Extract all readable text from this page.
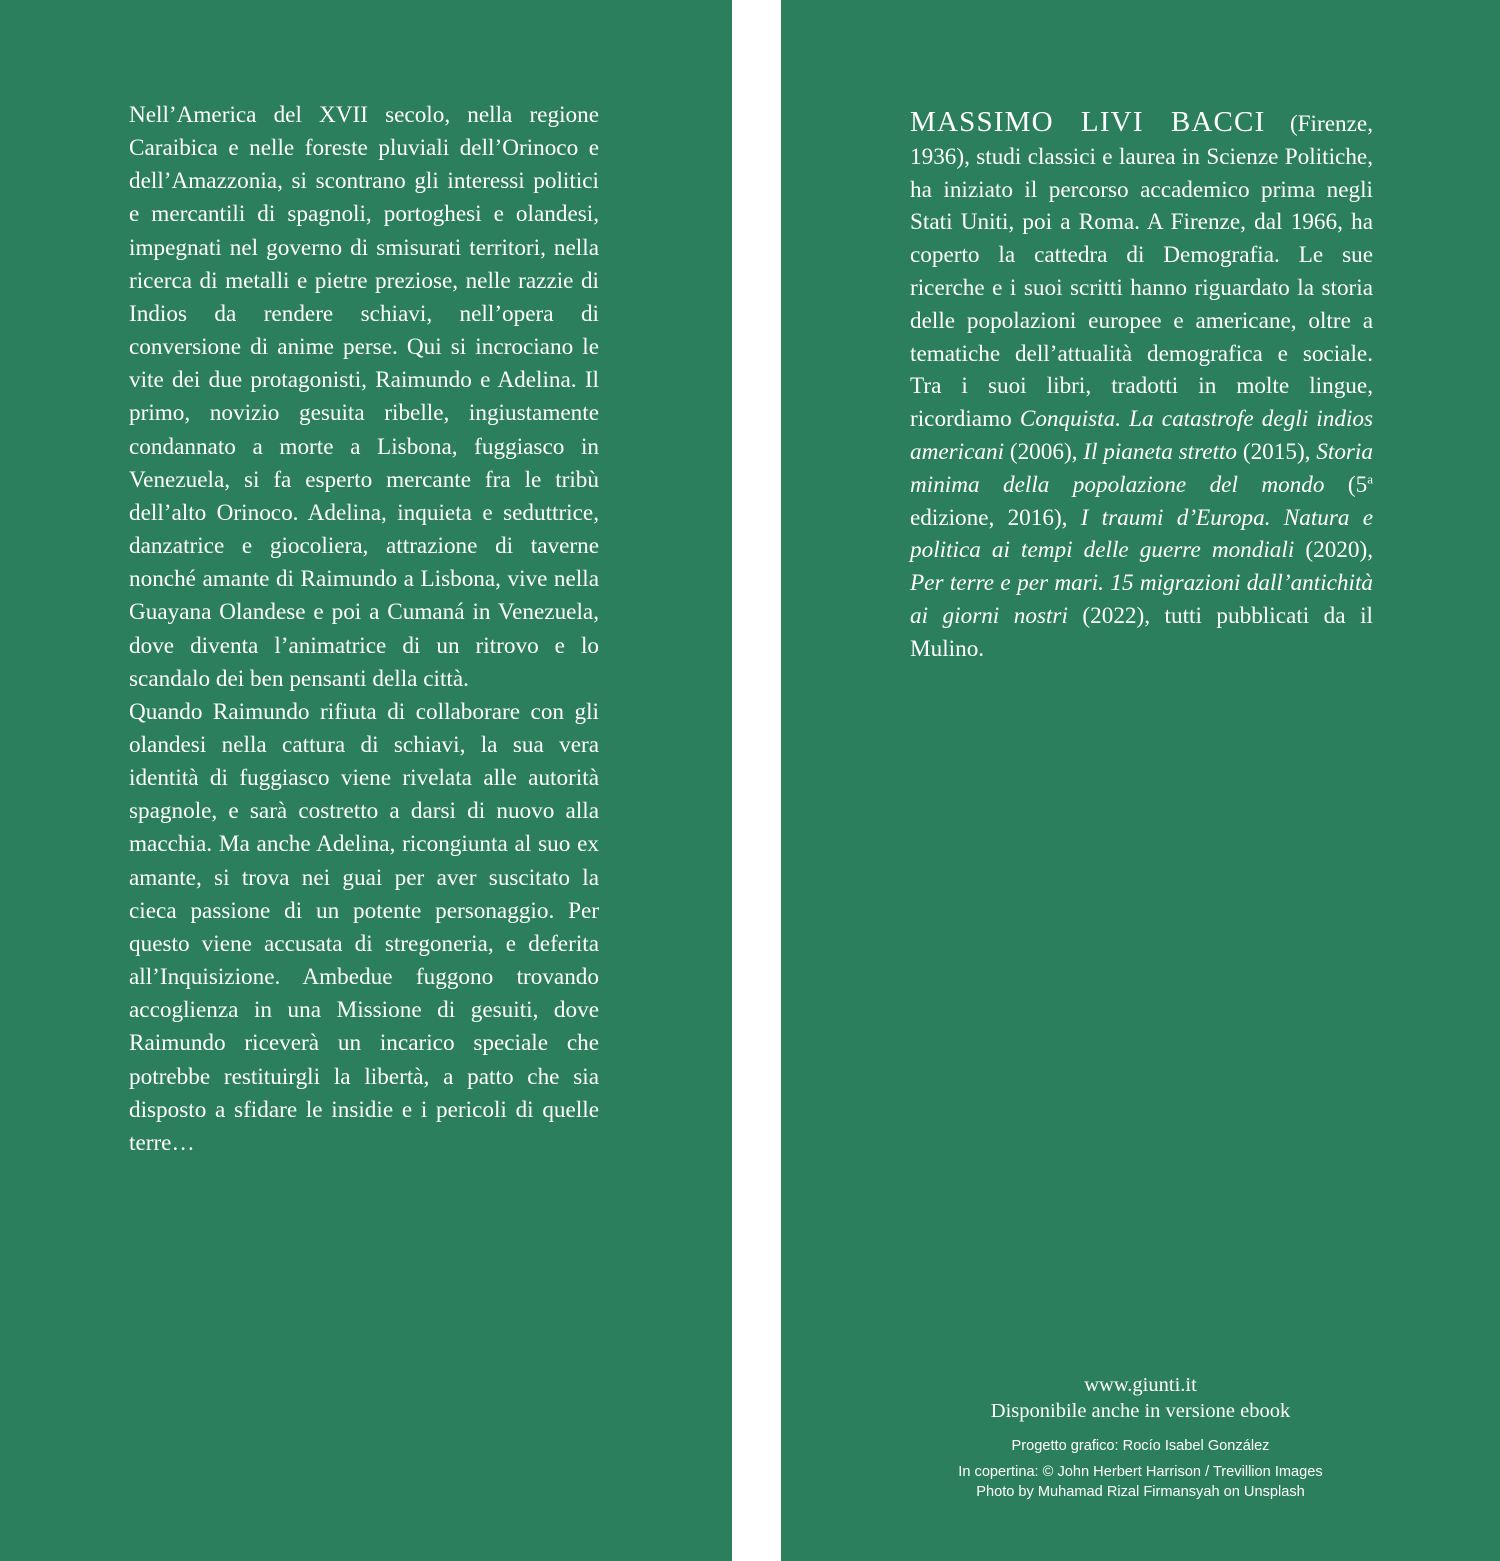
Nell’America del XVII secolo, nella regione Caraibica e nelle foreste pluviali dell’Orinoco e dell’Amazzonia, si scontrano gli interessi politici e mercantili di spagnoli, portoghesi e olandesi, impegnati nel governo di smisurati territori, nella ricerca di metalli e pietre preziose, nelle razzie di Indios da rendere schiavi, nell’opera di conversione di anime perse. Qui si incrociano le vite dei due protagonisti, Raimundo e Adelina. Il primo, novizio gesuita ribelle, ingiustamente condannato a morte a Lisbona, fuggiasco in Venezuela, si fa esperto mercante fra le tribù dell’alto Orinoco. Adelina, inquieta e seduttrice, danzatrice e giocoliera, attrazione di taverne nonché amante di Raimundo a Lisbona, vive nella Guayana Olandese e poi a Cumaná in Venezuela, dove diventa l’animatrice di un ritrovo e lo scandalo dei ben pensanti della città.

Quando Raimundo rifiuta di collaborare con gli olandesi nella cattura di schiavi, la sua vera identità di fuggiasco viene rivelata alle autorità spagnole, e sarà costretto a darsi di nuovo alla macchia. Ma anche Adelina, ricongiunta al suo ex amante, si trova nei guai per aver suscitato la cieca passione di un potente personaggio. Per questo viene accusata di stregoneria, e deferita all’Inquisizione. Ambedue fuggono trovando accoglienza in una Missione di gesuiti, dove Raimundo riceverà un incarico speciale che potrebbe restituirgli la libertà, a patto che sia disposto a sfidare le insidie e i pericoli di quelle terre…

MASSIMO LIVI BACCI (Firenze, 1936), studi classici e laurea in Scienze Politiche, ha iniziato il percorso accademico prima negli Stati Uniti, poi a Roma. A Firenze, dal 1966, ha coperto la cattedra di Demografia. Le sue ricerche e i suoi scritti hanno riguardato la storia delle popolazioni europee e americane, oltre a tematiche dell’attualità demografica e sociale. Tra i suoi libri, tradotti in molte lingue, ricordiamo Conquista. La catastrofe degli indios americani (2006), Il pianeta stretto (2015), Storia minima della popolazione del mondo (5$^a$ edizione, 2016), I traumi d’Europa. Natura e politica ai tempi delle guerre mondiali (2020), Per terre e per mari. 15 migrazioni dall’antichità ai giorni nostri (2022), tutti pubblicati da il Mulino.

www.giunti.it
Disponibile anche in versione ebook
Progetto grafico: Rocío Isabel González
In copertina: © John Herbert Harrison / Trevillion Images
Photo by Muhamad Rizal Firmansyah on Unsplash
